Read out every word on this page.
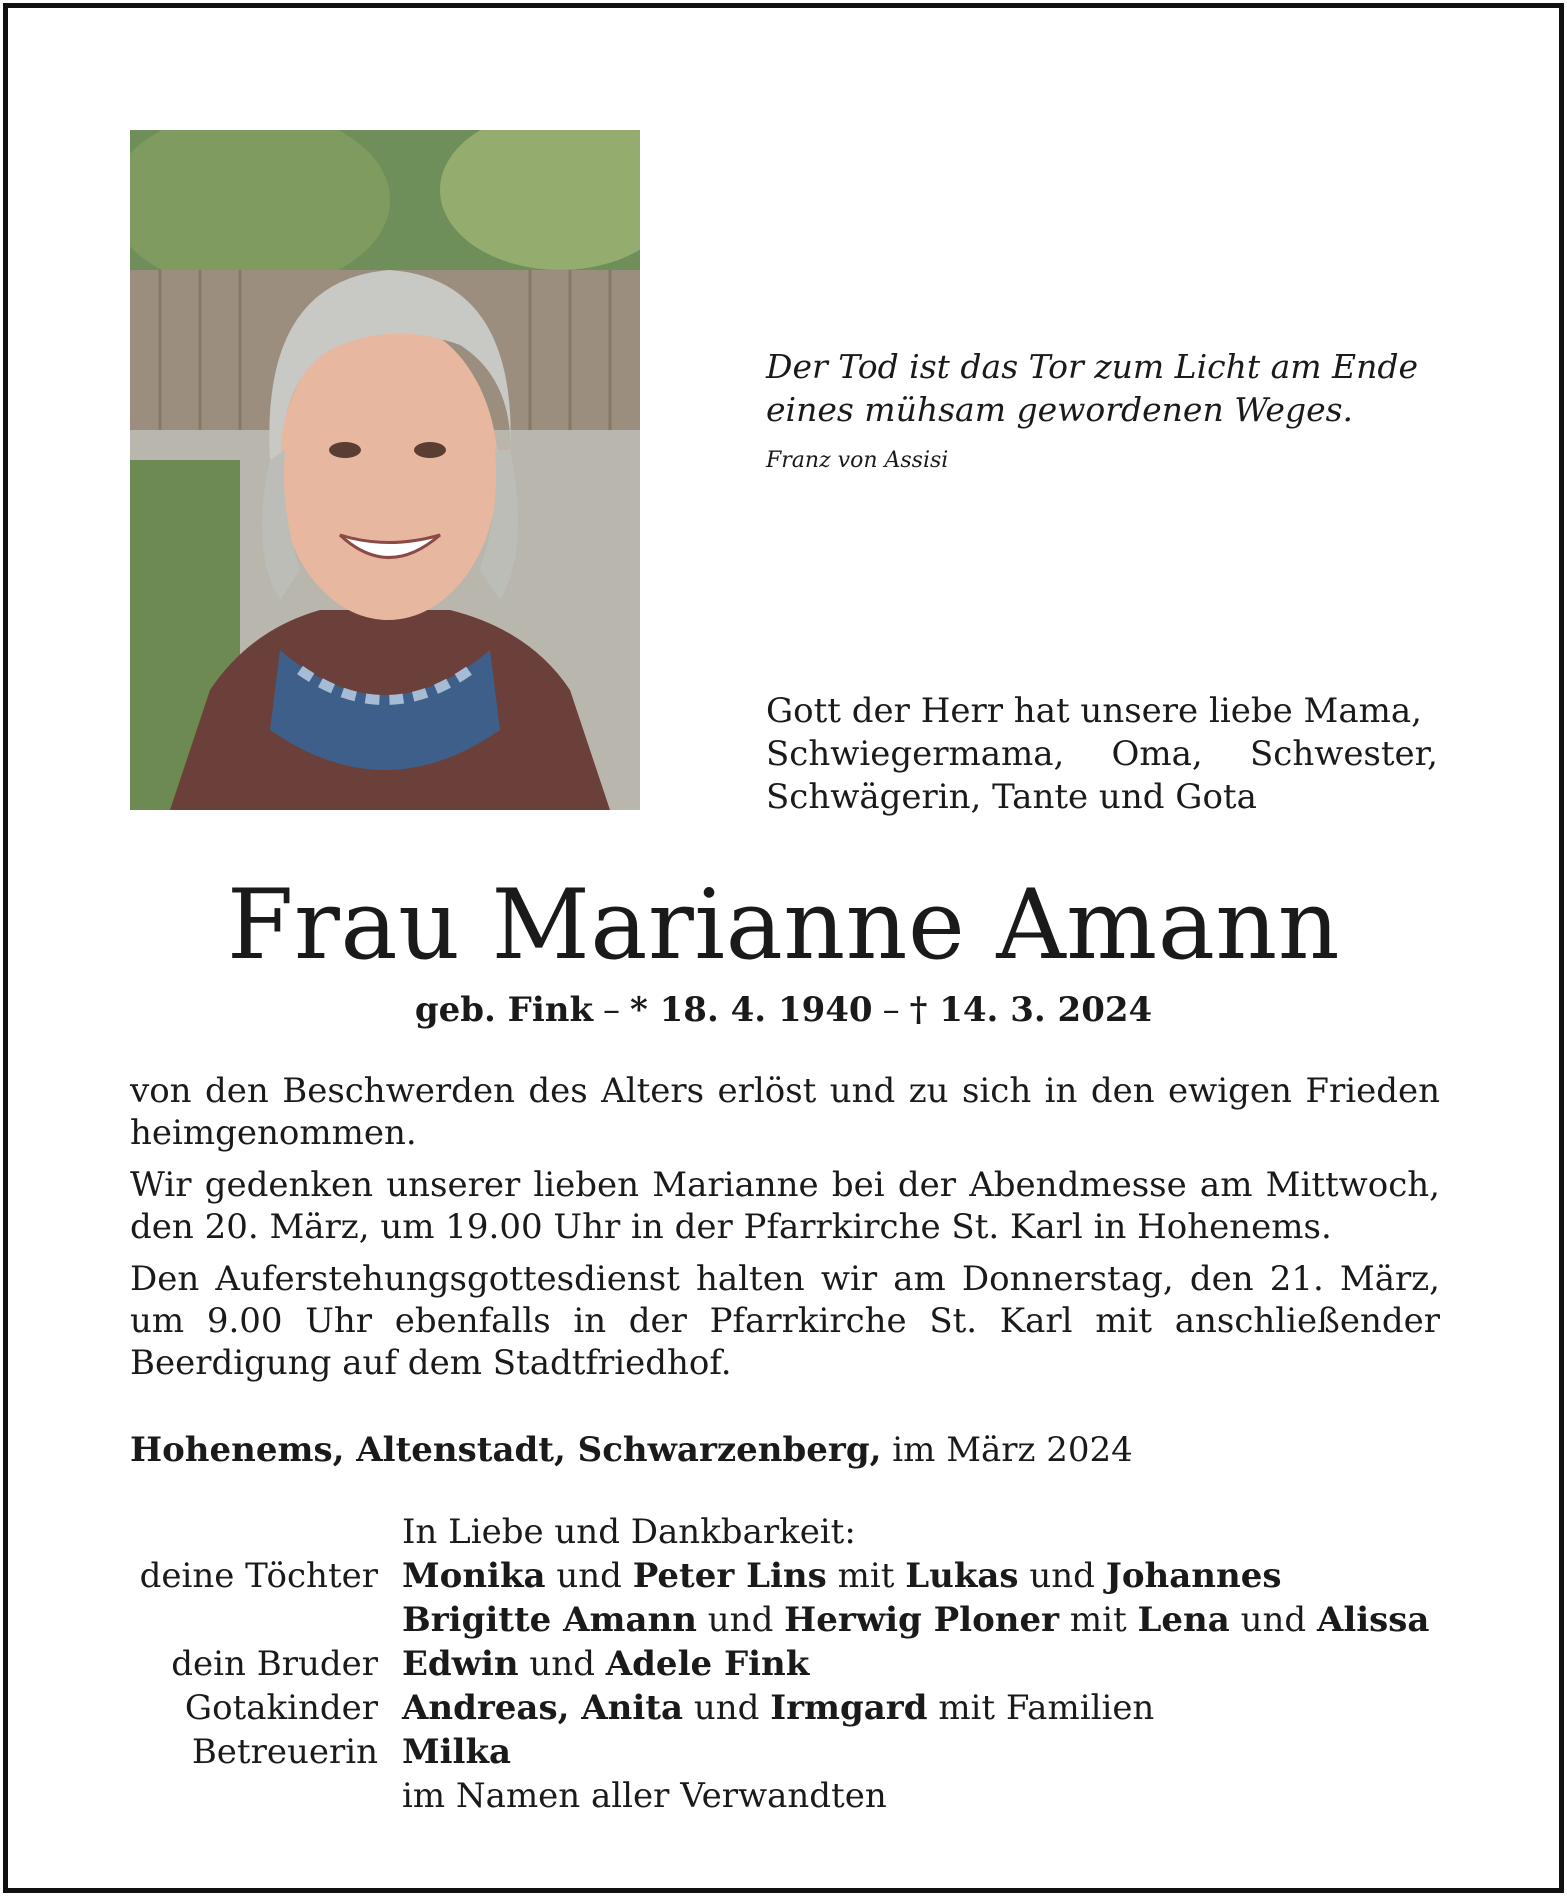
Der Tod ist das Tor zum Licht am Ende
eines mühsam gewordenen Weges.
Franz von Assisi
Gott der Herr hat unsere liebe Mama,
Schwiegermama, Oma, Schwester,
Schwägerin, Tante und Gota
Frau Marianne Amann
geb. Fink – * 18. 4. 1940 – † 14. 3. 2024

von den Beschwerden des Alters erlöst und zu sich in den ewigen Frieden heimgenommen.

Wir gedenken unserer lieben Marianne bei der Abendmesse am Mittwoch, den 20. März, um 19.00 Uhr in der Pfarrkirche St. Karl in Hohenems.

Den Auferstehungsgottesdienst halten wir am Donnerstag, den 21. März, um 9.00 Uhr ebenfalls in der Pfarrkirche St. Karl mit anschließender Beerdigung auf dem Stadtfriedhof.

Hohenems, Altenstadt, Schwarzenberg, im März 2024
In Liebe und Dankbarkeit:
deine Töchter Monika und Peter Lins mit Lukas und Johannes
Brigitte Amann und Herwig Ploner mit Lena und Alissa
dein Bruder Edwin und Adele Fink
Gotakinder Andreas, Anita und Irmgard mit Familien
Betreuerin Milka
im Namen aller Verwandten
